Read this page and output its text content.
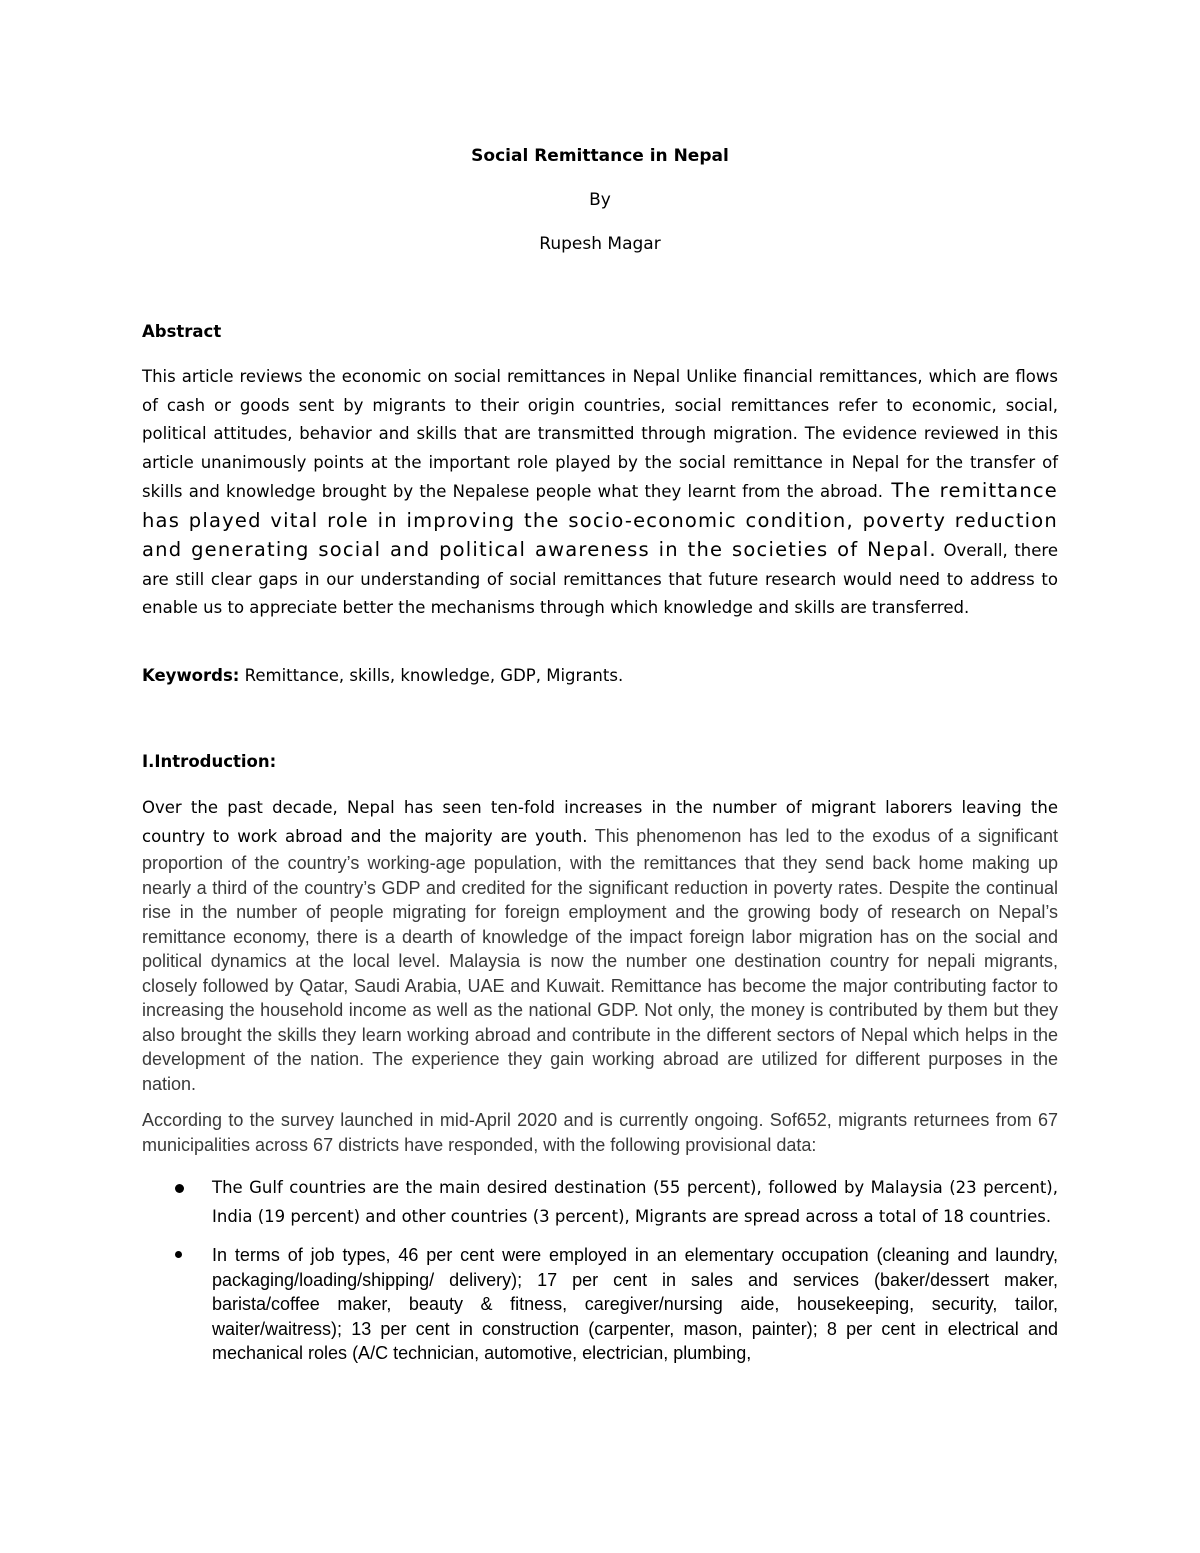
Social Remittance in Nepal
By
Rupesh Magar
Abstract
This article reviews the economic on social remittances in Nepal Unlike financial remittances, which are flows of cash or goods sent by migrants to their origin countries, social remittances refer to economic, social, political attitudes, behavior and skills that are transmitted through migration. The evidence reviewed in this article unanimously points at the important role played by the social remittance in Nepal for the transfer of skills and knowledge brought by the Nepalese people what they learnt from the abroad. The remittance has played vital role in improving the socio-economic condition, poverty reduction and generating social and political awareness in the societies of Nepal. Overall, there are still clear gaps in our understanding of social remittances that future research would need to address to enable us to appreciate better the mechanisms through which knowledge and skills are transferred.
Keywords: Remittance, skills, knowledge, GDP, Migrants.
I.Introduction:
Over the past decade, Nepal has seen ten-fold increases in the number of migrant laborers leaving the country to work abroad and the majority are youth. This phenomenon has led to the exodus of a significant proportion of the country’s working-age population, with the remittances that they send back home making up nearly a third of the country’s GDP and credited for the significant reduction in poverty rates. Despite the continual rise in the number of people migrating for foreign employment and the growing body of research on Nepal’s remittance economy, there is a dearth of knowledge of the impact foreign labor migration has on the social and political dynamics at the local level. Malaysia is now the number one destination country for nepali migrants, closely followed by Qatar, Saudi Arabia, UAE and Kuwait. Remittance has become the major contributing factor to increasing the household income as well as the national GDP. Not only, the money is contributed by them but they also brought the skills they learn working abroad and contribute in the different sectors of Nepal which helps in the development of the nation. The experience they gain working abroad are utilized for different purposes in the nation.
According to the survey launched in mid-April 2020 and is currently ongoing. Sof652, migrants returnees from 67 municipalities across 67 districts have responded, with the following provisional data:
The Gulf countries are the main desired destination (55 percent), followed by Malaysia (23 percent), India (19 percent) and other countries (3 percent), Migrants are spread across a total of 18 countries.
In terms of job types, 46 per cent were employed in an elementary occupation (cleaning and laundry, packaging/loading/shipping/ delivery); 17 per cent in sales and services (baker/dessert maker, barista/coffee maker, beauty & fitness, caregiver/nursing aide, housekeeping, security, tailor, waiter/waitress); 13 per cent in construction (carpenter, mason, painter); 8 per cent in electrical and mechanical roles (A/C technician, automotive, electrician, plumbing,
